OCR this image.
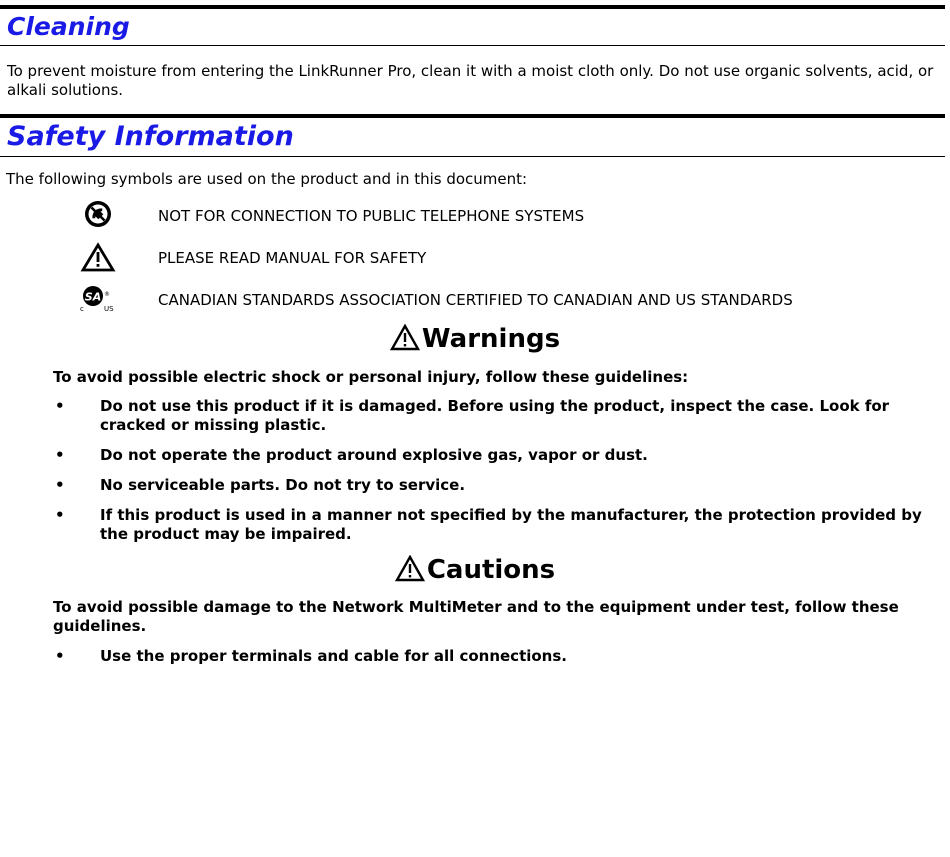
Cleaning

To prevent moisture from entering the LinkRunner Pro, clean it with a moist cloth only. Do not use organic solvents, acid, or alkali solutions.

Safety Information

The following symbols are used on the product and in this document:

NOT FOR CONNECTION TO PUBLIC TELEPHONE SYSTEMS
PLEASE READ MANUAL FOR SAFETY
SA
c	US
®	CANADIAN STANDARDS ASSOCIATION CERTIFIED TO CANADIAN AND US STANDARDS
Warnings

To avoid possible electric shock or personal injury, follow these guidelines:

• Do not use this product if it is damaged. Before using the product, inspect the case. Look for cracked or missing plastic.
• Do not operate the product around explosive gas, vapor or dust.
• No serviceable parts. Do not try to service.
• If this product is used in a manner not specified by the manufacturer, the protection provided by the product may be impaired.
Cautions

To avoid possible damage to the Network MultiMeter and to the equipment under test, follow these guidelines.

• Use the proper terminals and cable for all connections.
